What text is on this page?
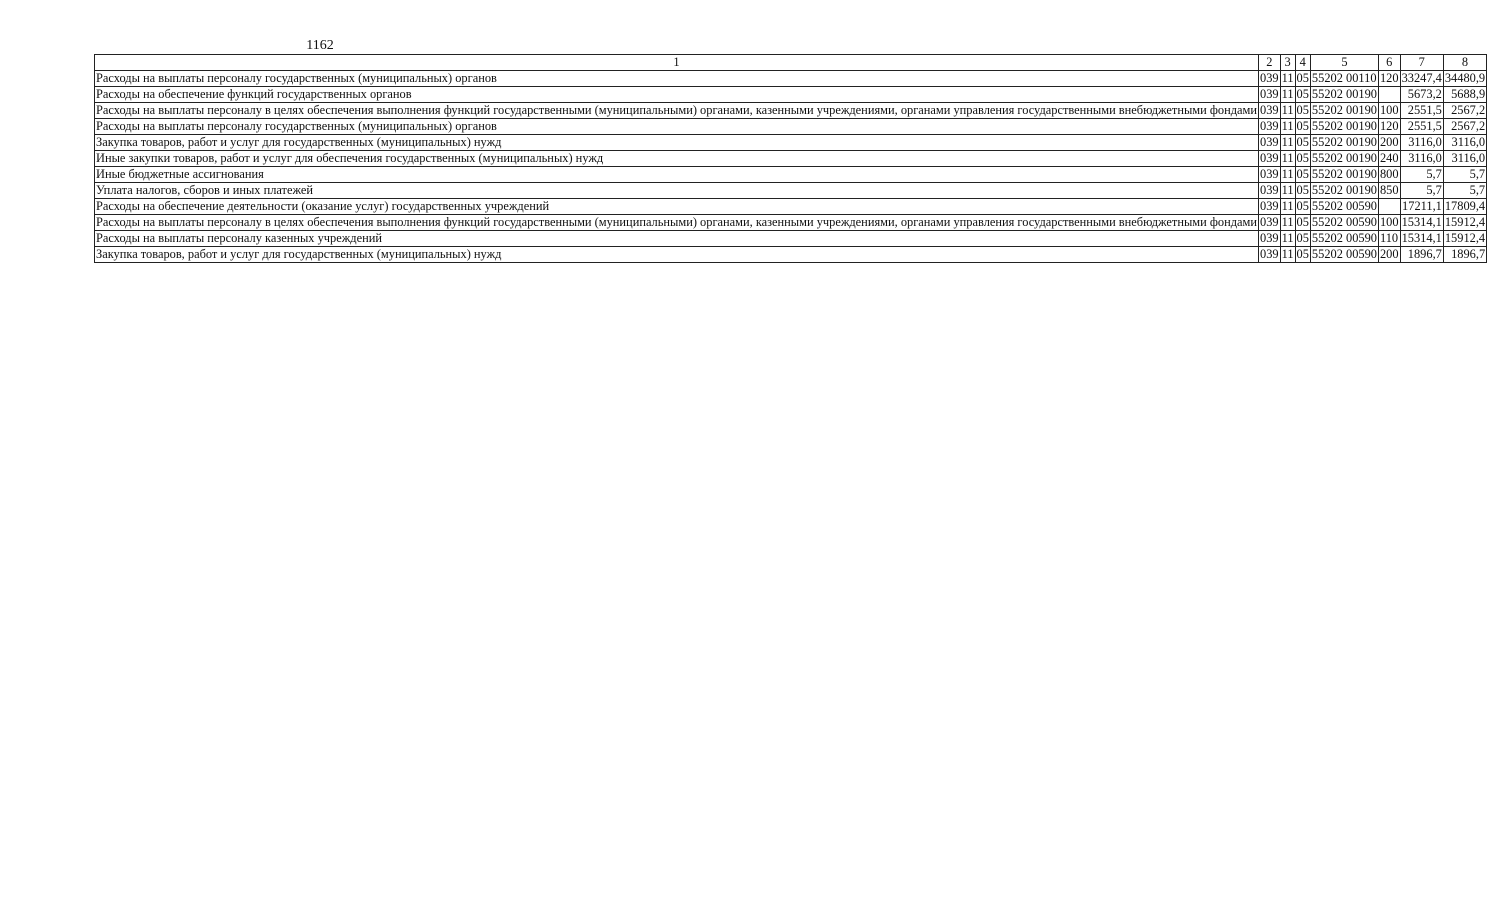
1162
1	2	3	4	5	6	7	8
Расходы на выплаты персоналу государственных (муниципальных) органов	039	11	05	55202 00110	120	33247,4	34480,9
Расходы на обеспечение функций государственных органов	039	11	05	55202 00190		5673,2	5688,9
Расходы на выплаты персоналу в целях обеспечения выполнения функций государственными (муниципальными) органами, казенными учреждениями, органами управления государственными внебюджетными фондами	039	11	05	55202 00190	100	2551,5	2567,2
Расходы на выплаты персоналу государственных (муниципальных) органов	039	11	05	55202 00190	120	2551,5	2567,2
Закупка товаров, работ и услуг для государственных (муниципальных) нужд	039	11	05	55202 00190	200	3116,0	3116,0
Иные закупки товаров, работ и услуг для обеспечения государственных (муниципальных) нужд	039	11	05	55202 00190	240	3116,0	3116,0
Иные бюджетные ассигнования	039	11	05	55202 00190	800	5,7	5,7
Уплата налогов, сборов и иных платежей	039	11	05	55202 00190	850	5,7	5,7
Расходы на обеспечение деятельности (оказание услуг) государственных учреждений	039	11	05	55202 00590		17211,1	17809,4
Расходы на выплаты персоналу в целях обеспечения выполнения функций государственными (муниципальными) органами, казенными учреждениями, органами управления государственными внебюджетными фондами	039	11	05	55202 00590	100	15314,1	15912,4
Расходы на выплаты персоналу казенных учреждений	039	11	05	55202 00590	110	15314,1	15912,4
Закупка товаров, работ и услуг для государственных (муниципальных) нужд	039	11	05	55202 00590	200	1896,7	1896,7
